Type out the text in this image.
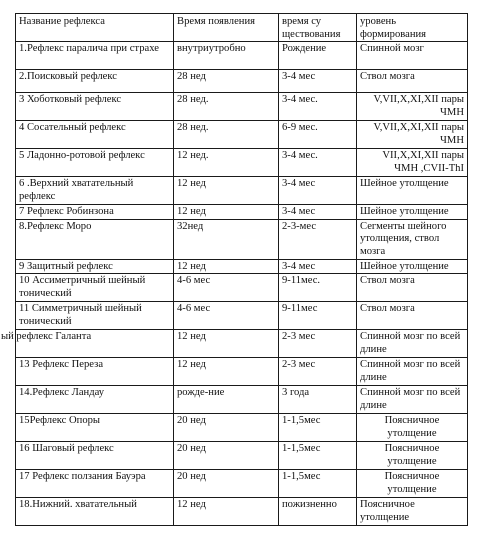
Название рефлекса	Время появления	время су ществования	уровень формирования
1.Рефлекс паралича при страхе	внутриутробно	Рождение	Спинной мозг
2.Поисковый рефлекс	28 нед	3-4 мес	Ствол мозга
3 Хоботковый рефлекс	28 нед.	3-4 мес.	V,VII,X,XI,XII пары ЧМН
4 Сосательный рефлекс	28 нед.	6-9 мес.	V,VII,X,XI,XII пары ЧМН
5 Ладонно-ротовой рефлекс	12 нед.	3-4 мес.	VII,X,XI,XII пары ЧМН ,CVII-ThI
6 .Верхний хватательный рефлекс	12 нед	3-4 мес	Шейное утолщение
7 Рефлекс Робинзона	12 нед	3-4 мес	Шейное утолщение
8.Рефлекс Моро	32нед	2-3-мес	Сегменты шейного утолщения, ствол мозга
9 Защитный рефлекс	12 нед	3-4 мес	Шейное утолщение
10 Ассиметричный шейный тонический	4-6 мес	9-11мес.	Ствол мозга
11 Симметричный шейный тонический	4-6 мес	9-11мес	Ствол мозга

ый рефлекс Галанта	12 нед	2-3 мес	Спинной мозг по всей длине
13 Рефлекс Переза	12 нед	2-3 мес	Спинной мозг по всей длине
14.Рефлекс Ландау	рожде-ние	3 года	Спинной мозг по всей длине
15Рефлекс Опоры	20 нед	1-1,5мес	Поясничное утолщение
16 Шаговый рефлекс	20 нед	1-1,5мес	Поясничное утолщение
17 Рефлекс ползания Бауэра	20 нед	1-1,5мес	Поясничное утолщение
18.Нижний. хватательный	12 нед	пожизненно	Поясничное утолщение
